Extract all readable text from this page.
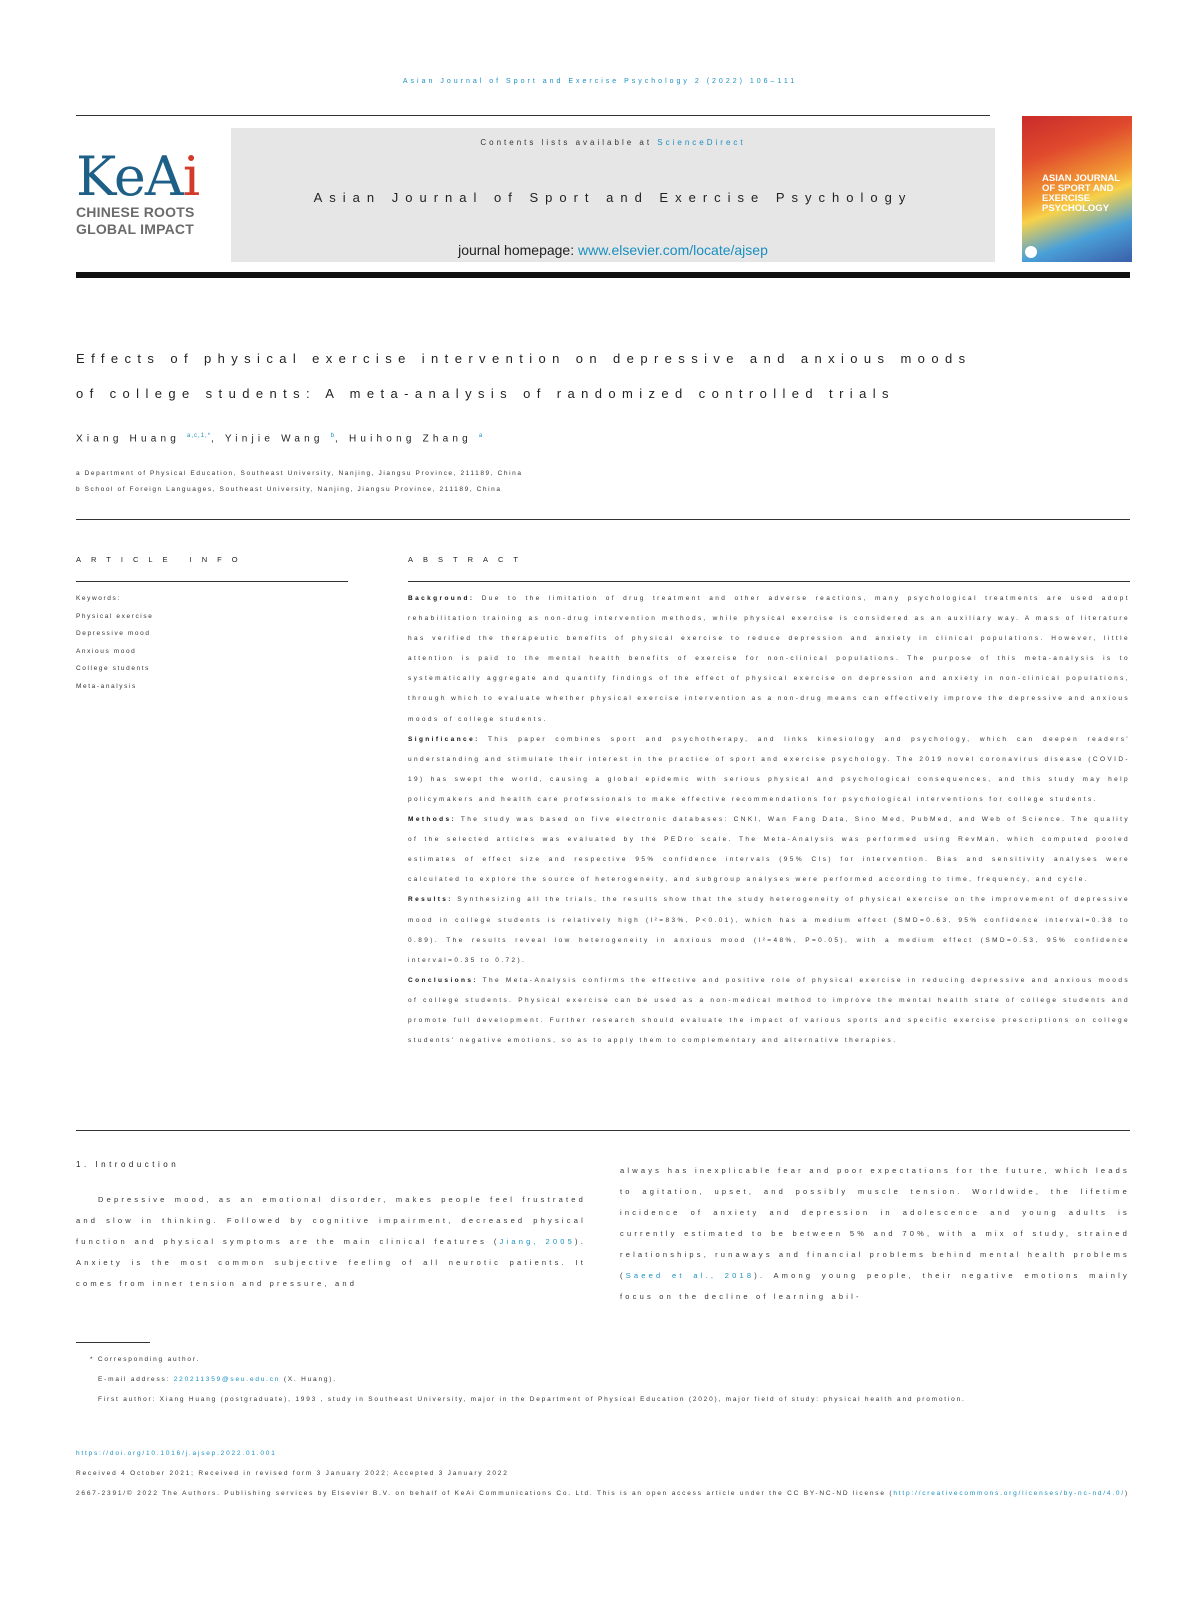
Asian Journal of Sport and Exercise Psychology 2 (2022) 106–111
KeAi
CHINESE ROOTS
GLOBAL IMPACT
Contents lists available at ScienceDirect
Asian Journal of Sport and Exercise Psychology
journal homepage: www.elsevier.com/locate/ajsep
ASIAN JOURNAL OF SPORT AND EXERCISE PSYCHOLOGY
Effects of physical exercise intervention on depressive and anxious moods
of college students: A meta-analysis of randomized controlled trials
Xiang Huang $^{a,c,1,*}$, Yinjie Wang $^b$, Huihong Zhang $^a$
a Department of Physical Education, Southeast University, Nanjing, Jiangsu Province, 211189, China
b School of Foreign Languages, Southeast University, Nanjing, Jiangsu Province, 211189, China
ARTICLE INFO
Keywords:
Physical exercise
Depressive mood
Anxious mood
College students
Meta-analysis
ABSTRACT

Background: Due to the limitation of drug treatment and other adverse reactions, many psychological treatments are used adopt rehabilitation training as non-drug intervention methods, while physical exercise is considered as an auxiliary way. A mass of literature has verified the therapeutic benefits of physical exercise to reduce depression and anxiety in clinical populations. However, little attention is paid to the mental health benefits of exercise for non-clinical populations. The purpose of this meta-analysis is to systematically aggregate and quantify findings of the effect of physical exercise on depression and anxiety in non-clinical populations, through which to evaluate whether physical exercise intervention as a non-drug means can effectively improve the depressive and anxious moods of college students.

Significance: This paper combines sport and psychotherapy, and links kinesiology and psychology, which can deepen readers' understanding and stimulate their interest in the practice of sport and exercise psychology. The 2019 novel coronavirus disease (COVID-19) has swept the world, causing a global epidemic with serious physical and psychological consequences, and this study may help policymakers and health care professionals to make effective recommendations for psychological interventions for college students.

Methods: The study was based on five electronic databases: CNKI, Wan Fang Data, Sino Med, PubMed, and Web of Science. The quality of the selected articles was evaluated by the PEDro scale. The Meta-Analysis was performed using RevMan, which computed pooled estimates of effect size and respective 95% confidence intervals (95% CIs) for intervention. Bias and sensitivity analyses were calculated to explore the source of heterogeneity, and subgroup analyses were performed according to time, frequency, and cycle.

Results: Synthesizing all the trials, the results show that the study heterogeneity of physical exercise on the improvement of depressive mood in college students is relatively high (I²=83%, P<0.01), which has a medium effect (SMD=0.63, 95% confidence interval=0.38 to 0.89). The results reveal low heterogeneity in anxious mood (I²=48%, P=0.05), with a medium effect (SMD=0.53, 95% confidence interval=0.35 to 0.72).

Conclusions: The Meta-Analysis confirms the effective and positive role of physical exercise in reducing depressive and anxious moods of college students. Physical exercise can be used as a non-medical method to improve the mental health state of college students and promote full development. Further research should evaluate the impact of various sports and specific exercise prescriptions on college students' negative emotions, so as to apply them to complementary and alternative therapies.

1. Introduction

Depressive mood, as an emotional disorder, makes people feel frustrated and slow in thinking. Followed by cognitive impairment, decreased physical function and physical symptoms are the main clinical features (Jiang, 2005). Anxiety is the most common subjective feeling of all neurotic patients. It comes from inner tension and pressure, and

always has inexplicable fear and poor expectations for the future, which leads to agitation, upset, and possibly muscle tension. Worldwide, the lifetime incidence of anxiety and depression in adolescence and young adults is currently estimated to be between 5% and 70%, with a mix of study, strained relationships, runaways and financial problems behind mental health problems (Saeed et al., 2018). Among young people, their negative emotions mainly focus on the decline of learning abil-

* Corresponding author.
E-mail address: 220211359@seu.edu.cn (X. Huang).
First author: Xiang Huang (postgraduate), 1993 , study in Southeast University, major in the Department of Physical Education (2020), major field of study: physical health and promotion.
https://doi.org/10.1016/j.ajsep.2022.01.001
Received 4 October 2021; Received in revised form 3 January 2022; Accepted 3 January 2022
2667-2391/© 2022 The Authors. Publishing services by Elsevier B.V. on behalf of KeAi Communications Co. Ltd. This is an open access article under the CC BY-NC-ND license (http://creativecommons.org/licenses/by-nc-nd/4.0/)
